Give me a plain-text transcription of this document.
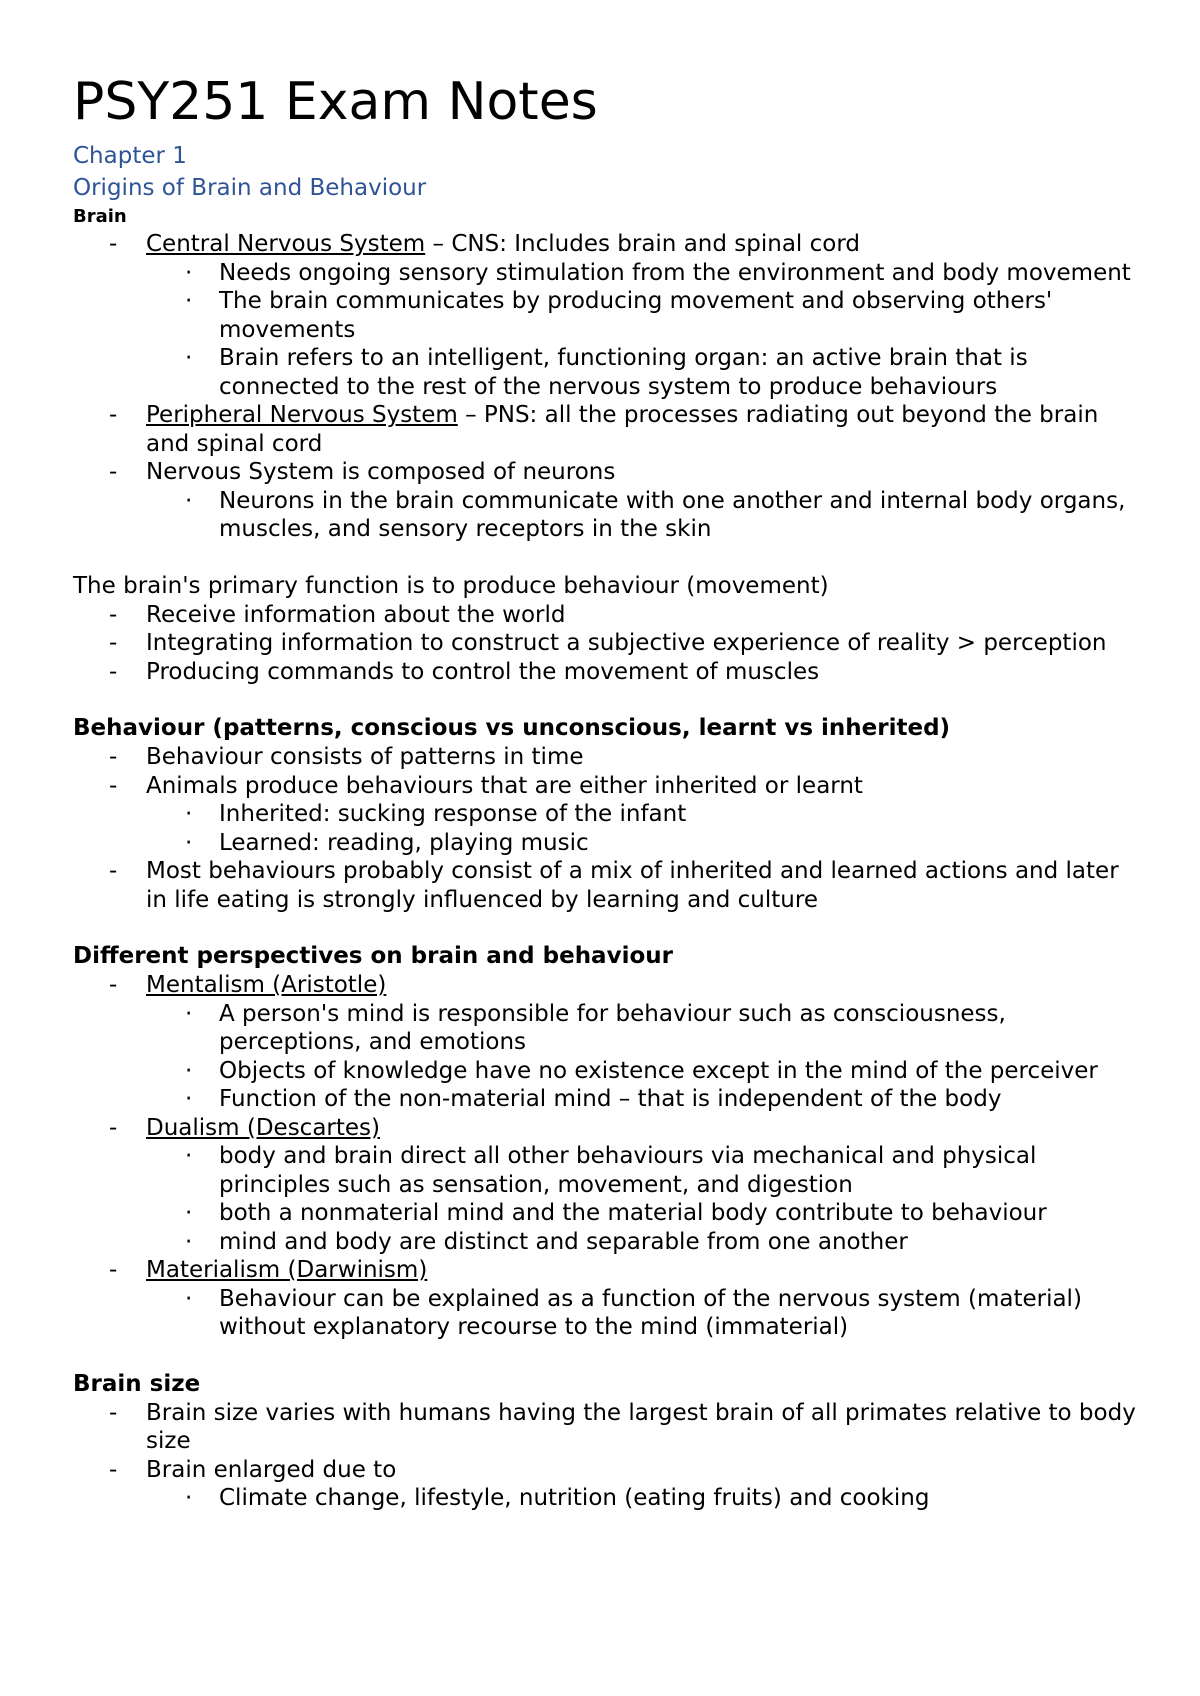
PSY251 Exam Notes
Chapter 1
Origins of Brain and Behaviour

Brain

- Central Nervous System – CNS: Includes brain and spinal cord
· Needs ongoing sensory stimulation from the environment and body movement
· The brain communicates by producing movement and observing others' movements
· Brain refers to an intelligent, functioning organ: an active brain that is connected to the rest of the nervous system to produce behaviours
- Peripheral Nervous System – PNS: all the processes radiating out beyond the brain and spinal cord
- Nervous System is composed of neurons
· Neurons in the brain communicate with one another and internal body organs, muscles, and sensory receptors in the skin

The brain's primary function is to produce behaviour (movement)

- Receive information about the world
- Integrating information to construct a subjective experience of reality > perception
- Producing commands to control the movement of muscles

Behaviour (patterns, conscious vs unconscious, learnt vs inherited)

- Behaviour consists of patterns in time
- Animals produce behaviours that are either inherited or learnt
· Inherited: sucking response of the infant
· Learned: reading, playing music
- Most behaviours probably consist of a mix of inherited and learned actions and later in life eating is strongly influenced by learning and culture

Different perspectives on brain and behaviour

- Mentalism (Aristotle)
· A person's mind is responsible for behaviour such as consciousness, perceptions, and emotions
· Objects of knowledge have no existence except in the mind of the perceiver
· Function of the non-material mind – that is independent of the body
- Dualism (Descartes)
· body and brain direct all other behaviours via mechanical and physical principles such as sensation, movement, and digestion
· both a nonmaterial mind and the material body contribute to behaviour
· mind and body are distinct and separable from one another
- Materialism (Darwinism)
· Behaviour can be explained as a function of the nervous system (material) without explanatory recourse to the mind (immaterial)

Brain size

- Brain size varies with humans having the largest brain of all primates relative to body size
- Brain enlarged due to
· Climate change, lifestyle, nutrition (eating fruits) and cooking
